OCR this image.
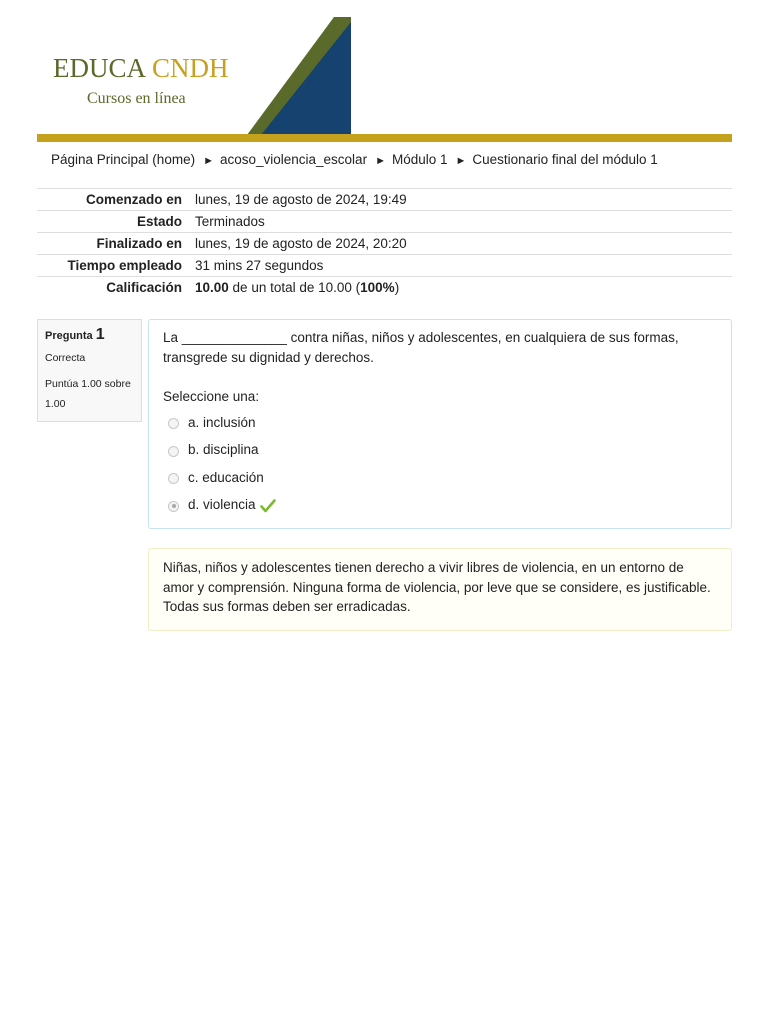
EDUCA CNDH
Cursos en línea
Página Principal (home) ► acoso_violencia_escolar ► Módulo 1 ► Cuestionario final del módulo 1
Comenzado en	lunes, 19 de agosto de 2024, 19:49
Estado	Terminados
Finalizado en	lunes, 19 de agosto de 2024, 20:20
Tiempo empleado	31 mins 27 segundos
Calificación	10.00 de un total de 10.00 (100%)
Pregunta 1
Correcta
Puntúa 1.00 sobre 1.00
La ______________ contra niñas, niños y adolescentes, en cualquiera de sus formas, transgrede su dignidad y derechos.
Seleccione una:
a. inclusión
b. disciplina
c. educación
d. violencia
Niñas, niños y adolescentes tienen derecho a vivir libres de violencia, en un entorno de amor y comprensión. Ninguna forma de violencia, por leve que se considere, es justificable. Todas sus formas deben ser erradicadas.
